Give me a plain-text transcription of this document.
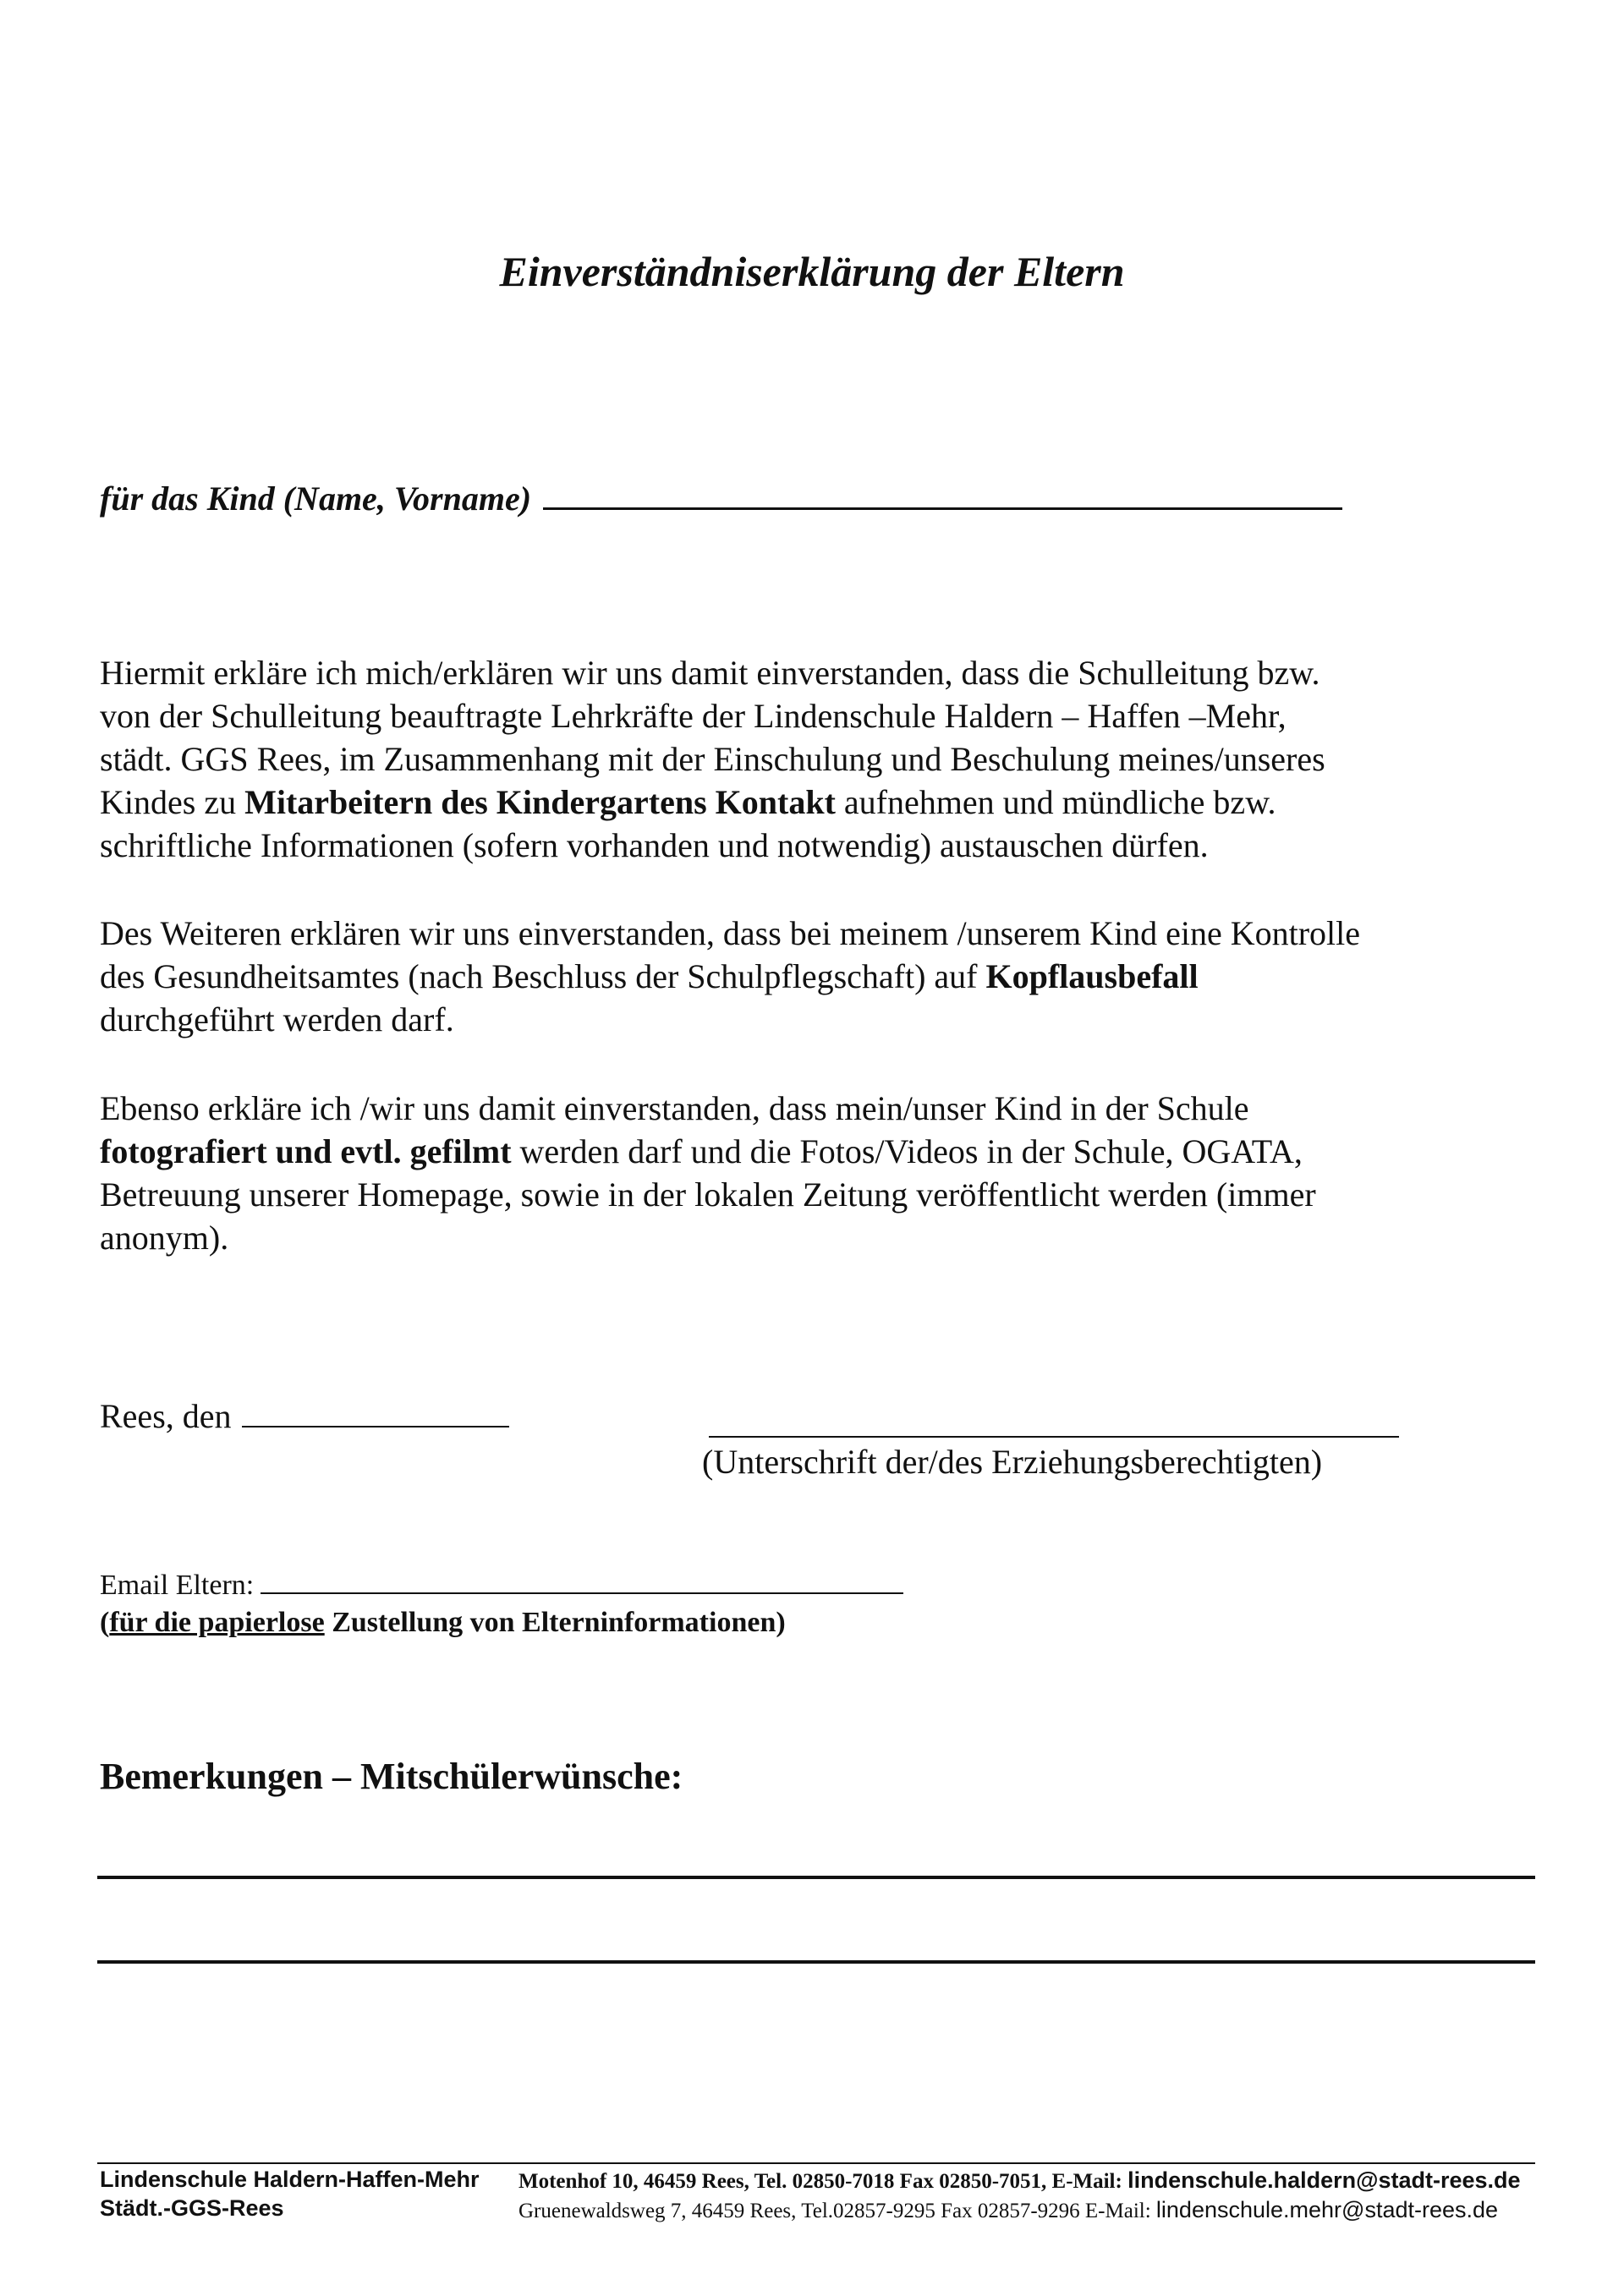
Einverständniserklärung der Eltern
für das Kind (Name, Vorname)
Hiermit erkläre ich mich/erklären wir uns damit einverstanden, dass die Schulleitung bzw.
von der Schulleitung beauftragte Lehrkräfte der Lindenschule Haldern – Haffen –Mehr,
städt. GGS Rees, im Zusammenhang mit der Einschulung und Beschulung meines/unseres
Kindes zu Mitarbeitern des Kindergartens Kontakt aufnehmen und mündliche bzw.
schriftliche Informationen (sofern vorhanden und notwendig) austauschen dürfen.
Des Weiteren erklären wir uns einverstanden, dass bei meinem /unserem Kind eine Kontrolle
des Gesundheitsamtes (nach Beschluss der Schulpflegschaft) auf Kopflausbefall
durchgeführt werden darf.
Ebenso erkläre ich /wir uns damit einverstanden, dass mein/unser Kind in der Schule
fotografiert und evtl. gefilmt werden darf und die Fotos/Videos in der Schule, OGATA,
Betreuung unserer Homepage, sowie in der lokalen Zeitung veröffentlicht werden (immer
anonym).
Rees, den
(Unterschrift der/des Erziehungsberechtigten)
Email Eltern:
(für die papierlose Zustellung von Elterninformationen)
Bemerkungen – Mitschülerwünsche:
Lindenschule Haldern-Haffen-Mehr
Städt.-GGS-Rees
Motenhof 10, 46459 Rees, Tel. 02850-7018 Fax 02850-7051, E-Mail: lindenschule.haldern@stadt-rees.de
Gruenewaldsweg 7, 46459 Rees, Tel.02857-9295 Fax 02857-9296 E-Mail: lindenschule.mehr@stadt-rees.de
